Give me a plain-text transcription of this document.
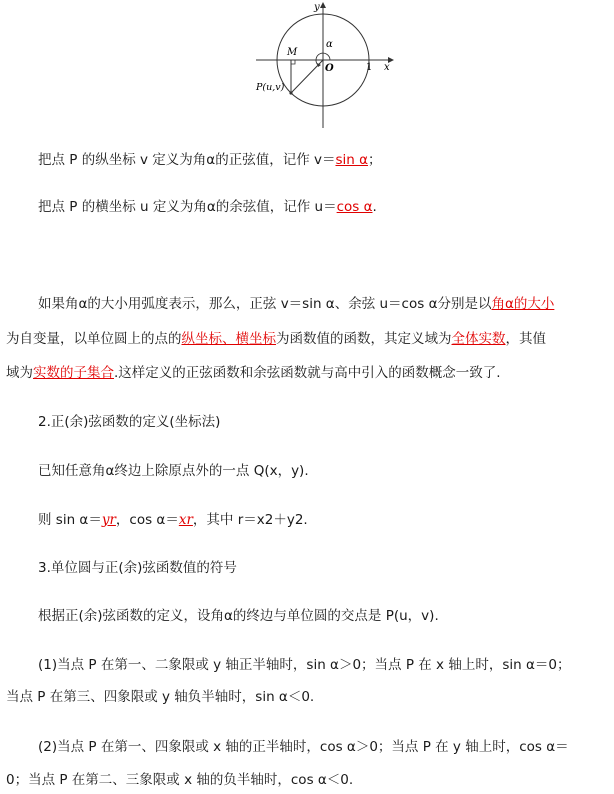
y
α
M
O	1 x
P(u,v)
把点 P 的纵坐标 v 定义为角α的正弦值，记作 v＝sin α；
把点 P 的横坐标 u 定义为角α的余弦值，记作 u＝cos α.
如果角α的大小用弧度表示，那么，正弦 v＝sin α、余弦 u＝cos α分别是以角α的大小
为自变量，以单位圆上的点的纵坐标、横坐标为函数值的函数，其定义域为全体实数，其值
域为实数的子集合.这样定义的正弦函数和余弦函数就与高中引入的函数概念一致了.
2.正(余)弦函数的定义(坐标法)
已知任意角α终边上除原点外的一点 Q(x，y).
则 sin α＝yr，cos α＝xr，其中 r＝x2＋y2.
3.单位圆与正(余)弦函数值的符号
根据正(余)弦函数的定义，设角α的终边与单位圆的交点是 P(u，v).
(1)当点 P 在第一、二象限或 y 轴正半轴时，sin α＞0；当点 P 在 x 轴上时，sin α＝0；
当点 P 在第三、四象限或 y 轴负半轴时，sin α＜0.
(2)当点 P 在第一、四象限或 x 轴的正半轴时，cos α＞0；当点 P 在 y 轴上时，cos α＝
0；当点 P 在第二、三象限或 x 轴的负半轴时，cos α＜0.
